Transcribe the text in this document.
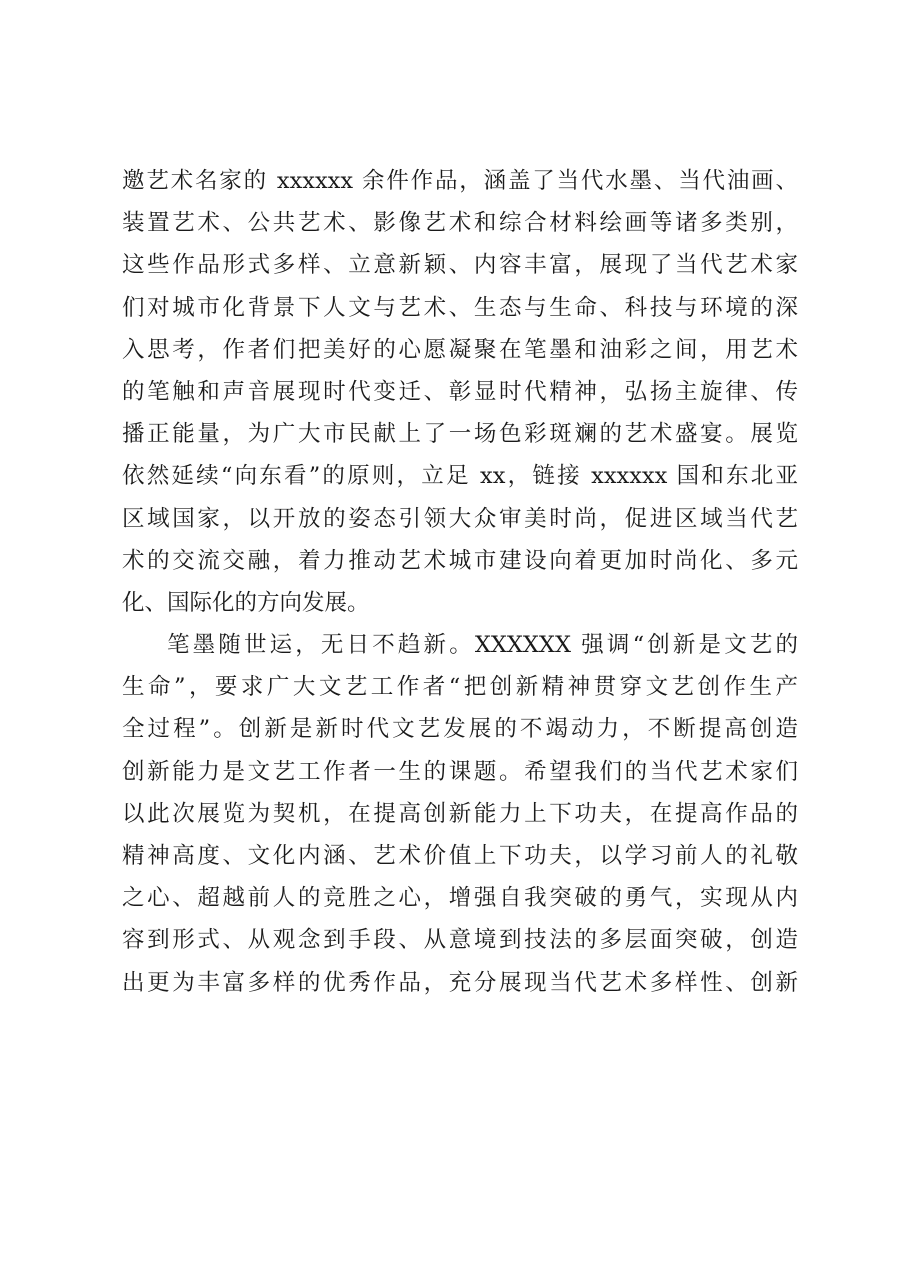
邀艺术名家的 xxxxxx 余件作品，涵盖了当代水墨、当代油画、
装置艺术、公共艺术、影像艺术和综合材料绘画等诸多类别，
这些作品形式多样、立意新颖、内容丰富，展现了当代艺术家
们对城市化背景下人文与艺术、生态与生命、科技与环境的深
入思考，作者们把美好的心愿凝聚在笔墨和油彩之间，用艺术
的笔触和声音展现时代变迁、彰显时代精神，弘扬主旋律、传
播正能量，为广大市民献上了一场色彩斑斓的艺术盛宴。展览
依然延续“向东看”的原则，立足 xx，链接 xxxxxx 国和东北亚
区域国家，以开放的姿态引领大众审美时尚，促进区域当代艺
术的交流交融，着力推动艺术城市建设向着更加时尚化、多元
化、国际化的方向发展。
笔墨随世运，无日不趋新。XXXXXX 强调“创新是文艺的
生命”，要求广大文艺工作者“把创新精神贯穿文艺创作生产
全过程”。创新是新时代文艺发展的不竭动力，不断提高创造
创新能力是文艺工作者一生的课题。希望我们的当代艺术家们
以此次展览为契机，在提高创新能力上下功夫，在提高作品的
精神高度、文化内涵、艺术价值上下功夫，以学习前人的礼敬
之心、超越前人的竞胜之心，增强自我突破的勇气，实现从内
容到形式、从观念到手段、从意境到技法的多层面突破，创造
出更为丰富多样的优秀作品，充分展现当代艺术多样性、创新
